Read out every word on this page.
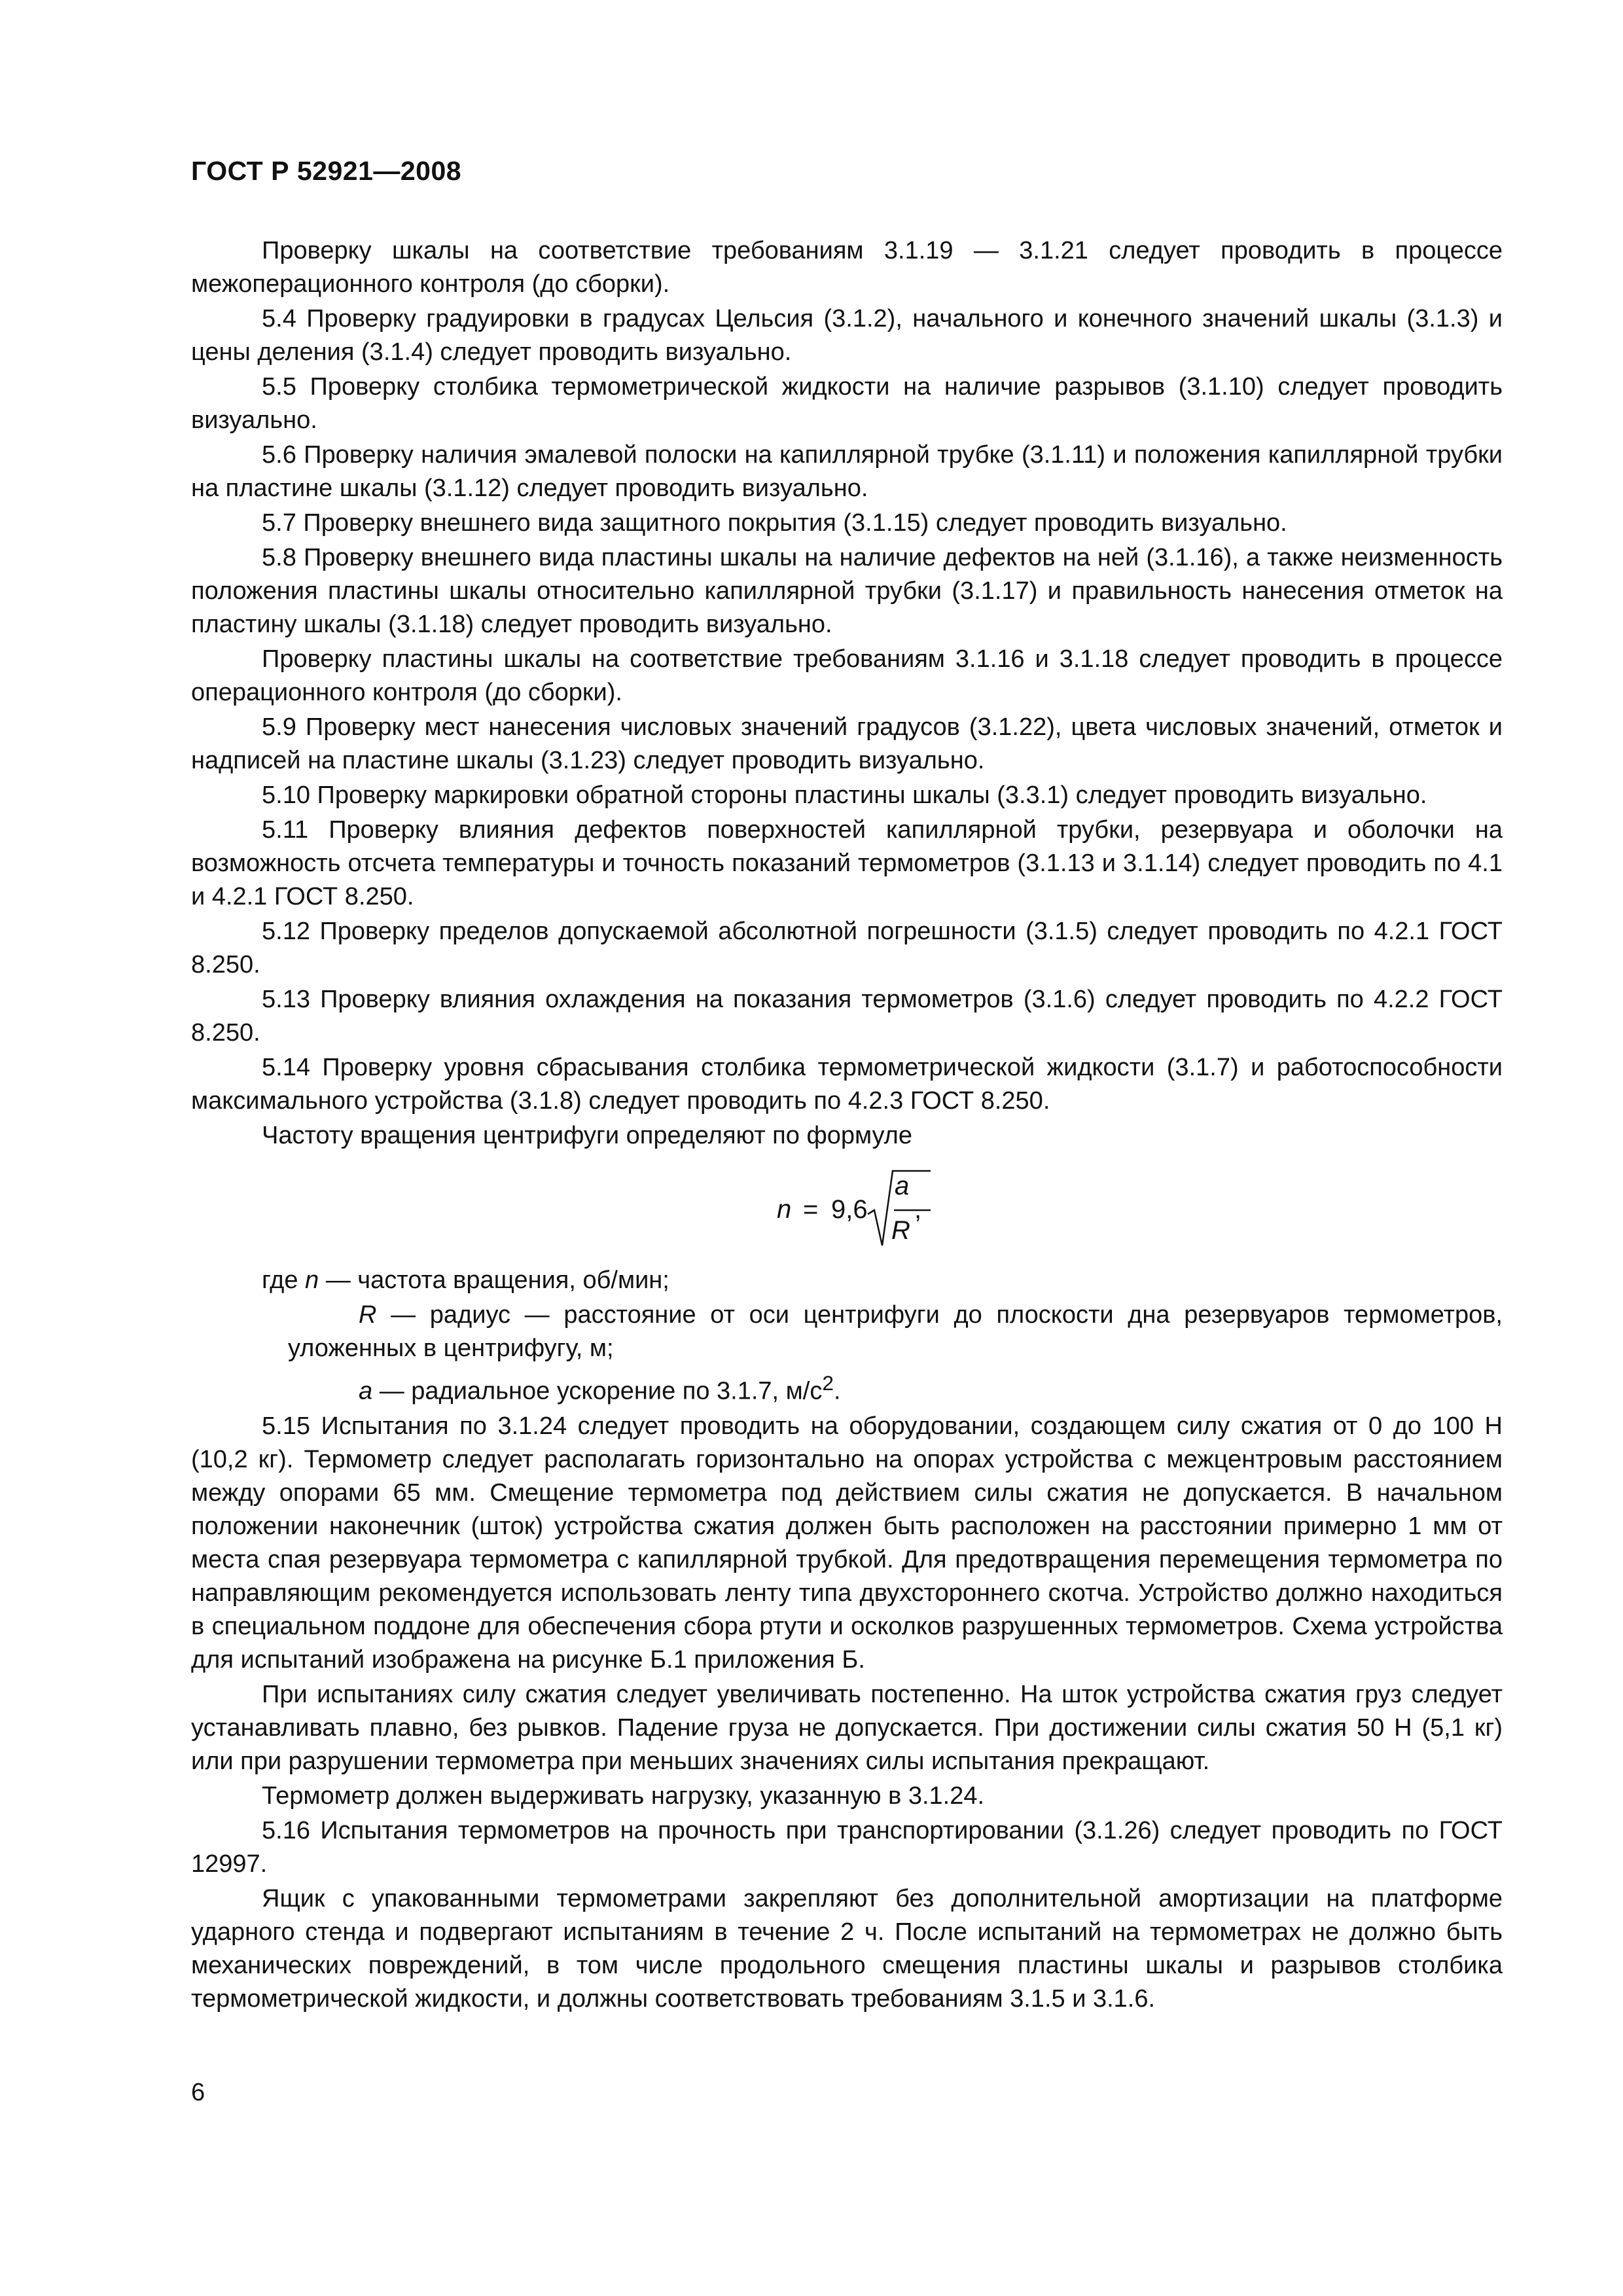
ГОСТ Р 52921—2008

Проверку шкалы на соответствие требованиям 3.1.19 — 3.1.21 следует проводить в процессе межоперационного контроля (до сборки).

5.4 Проверку градуировки в градусах Цельсия (3.1.2), начального и конечного значений шкалы (3.1.3) и цены деления (3.1.4) следует проводить визуально.

5.5 Проверку столбика термометрической жидкости на наличие разрывов (3.1.10) следует проводить визуально.

5.6 Проверку наличия эмалевой полоски на капиллярной трубке (3.1.11) и положения капиллярной трубки на пластине шкалы (3.1.12) следует проводить визуально.

5.7 Проверку внешнего вида защитного покрытия (3.1.15) следует проводить визуально.

5.8 Проверку внешнего вида пластины шкалы на наличие дефектов на ней (3.1.16), а также неизменность положения пластины шкалы относительно капиллярной трубки (3.1.17) и правильность нанесения отметок на пластину шкалы (3.1.18) следует проводить визуально.

Проверку пластины шкалы на соответствие требованиям 3.1.16 и 3.1.18 следует проводить в процессе операционного контроля (до сборки).

5.9 Проверку мест нанесения числовых значений градусов (3.1.22), цвета числовых значений, отметок и надписей на пластине шкалы (3.1.23) следует проводить визуально.

5.10 Проверку маркировки обратной стороны пластины шкалы (3.3.1) следует проводить визуально.

5.11 Проверку влияния дефектов поверхностей капиллярной трубки, резервуара и оболочки на возможность отсчета температуры и точность показаний термометров (3.1.13 и 3.1.14) следует проводить по 4.1 и 4.2.1 ГОСТ 8.250.

5.12 Проверку пределов допускаемой абсолютной погрешности (3.1.5) следует проводить по 4.2.1 ГОСТ 8.250.

5.13 Проверку влияния охлаждения на показания термометров (3.1.6) следует проводить по 4.2.2 ГОСТ 8.250.

5.14 Проверку уровня сбрасывания столбика термометрической жидкости (3.1.7) и работоспособности максимального устройства (3.1.8) следует проводить по 4.2.3 ГОСТ 8.250.

Частоту вращения центрифуги определяют по формуле

n = 9,6
a
R
,

где n — частота вращения, об/мин;

R — радиус — расстояние от оси центрифуги до плоскости дна резервуаров термометров, уложенных в центрифугу, м;

a — радиальное ускорение по 3.1.7, $м/с^2$.

5.15 Испытания по 3.1.24 следует проводить на оборудовании, создающем силу сжатия от 0 до 100 Н (10,2 кг). Термометр следует располагать горизонтально на опорах устройства с межцентровым расстоянием между опорами 65 мм. Смещение термометра под действием силы сжатия не допускается. В начальном положении наконечник (шток) устройства сжатия должен быть расположен на расстоянии примерно 1 мм от места спая резервуара термометра с капиллярной трубкой. Для предотвращения перемещения термометра по направляющим рекомендуется использовать ленту типа двухстороннего скотча. Устройство должно находиться в специальном поддоне для обеспечения сбора ртути и осколков разрушенных термометров. Схема устройства для испытаний изображена на рисунке Б.1 приложения Б.

При испытаниях силу сжатия следует увеличивать постепенно. На шток устройства сжатия груз следует устанавливать плавно, без рывков. Падение груза не допускается. При достижении силы сжатия 50 Н (5,1 кг) или при разрушении термометра при меньших значениях силы испытания прекращают.

Термометр должен выдерживать нагрузку, указанную в 3.1.24.

5.16 Испытания термометров на прочность при транспортировании (3.1.26) следует проводить по ГОСТ 12997.

Ящик с упакованными термометрами закрепляют без дополнительной амортизации на платформе ударного стенда и подвергают испытаниям в течение 2 ч. После испытаний на термометрах не должно быть механических повреждений, в том числе продольного смещения пластины шкалы и разрывов столбика термометрической жидкости, и должны соответствовать требованиям 3.1.5 и 3.1.6.

6
